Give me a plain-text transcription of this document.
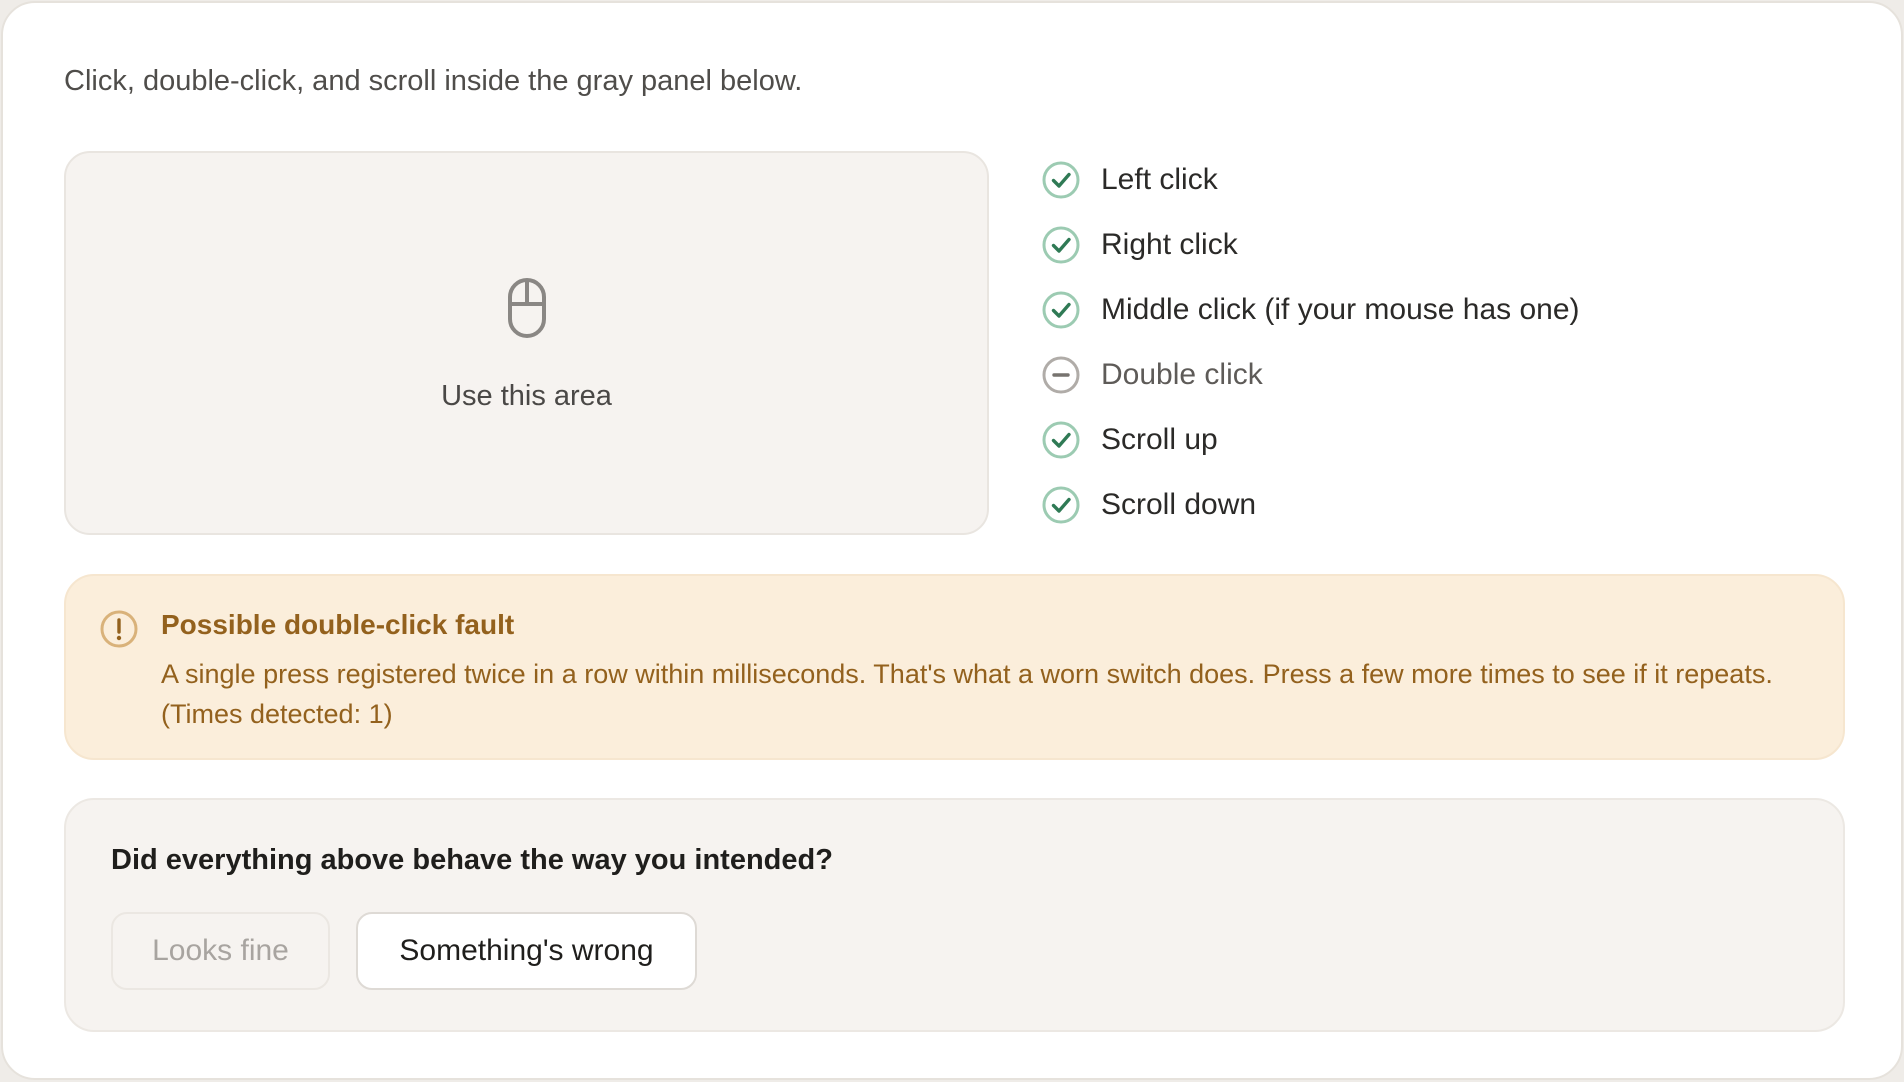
Click, double-click, and scroll inside the gray panel below.
Use this area
Left click
Right click
Middle click (if your mouse has one)
Double click
Scroll up
Scroll down
Possible double-click fault
A single press registered twice in a row within milliseconds. That's what a worn switch does. Press a few more times to see if it repeats. (Times detected: 1)
Did everything above behave the way you intended?
Looks fine	Something's wrong
